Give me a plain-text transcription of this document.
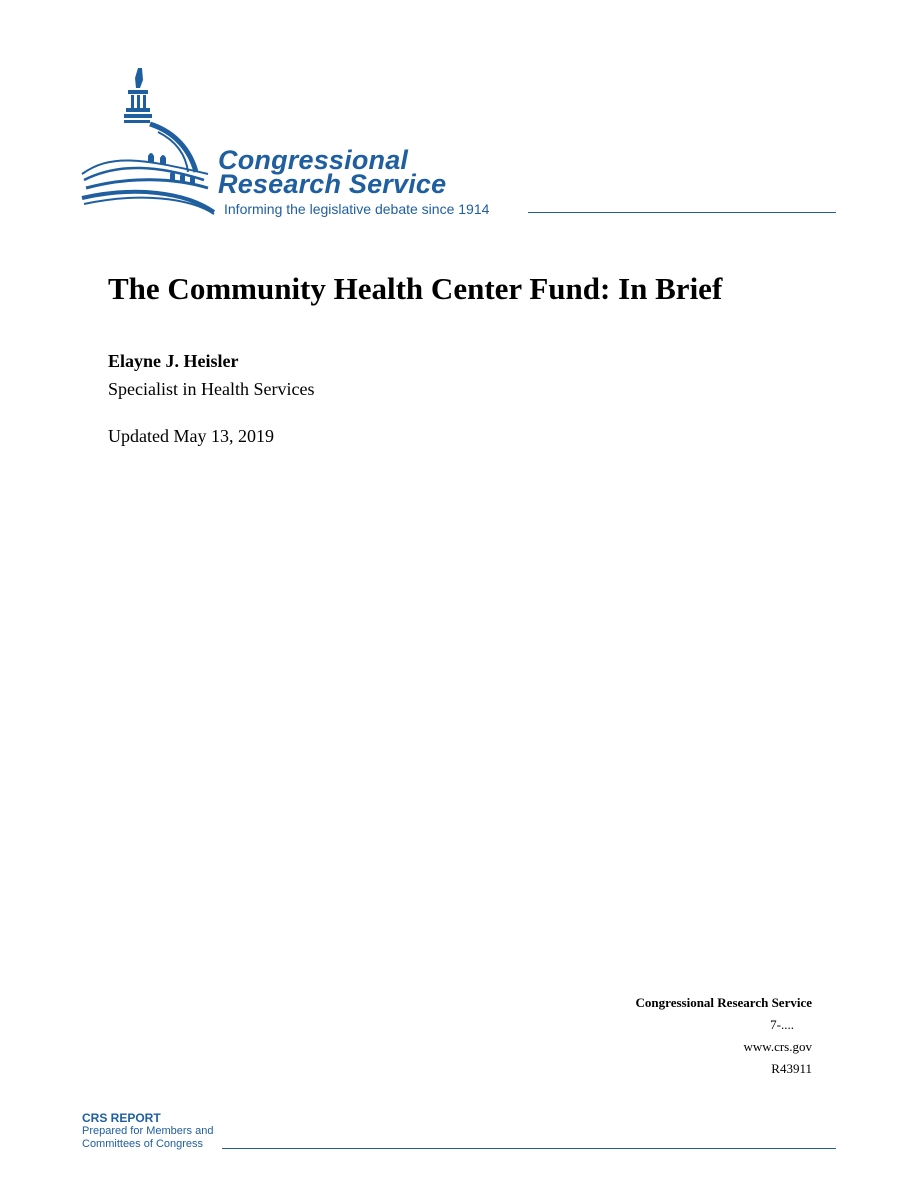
Congressional
Research Service
Informing the legislative debate since 1914
The Community Health Center Fund: In Brief
Elayne J. Heisler
Specialist in Health Services
Updated May 13, 2019
Congressional Research Service
7-....
www.crs.gov
R43911
CRS REPORT
Prepared for Members and
Committees of Congress
